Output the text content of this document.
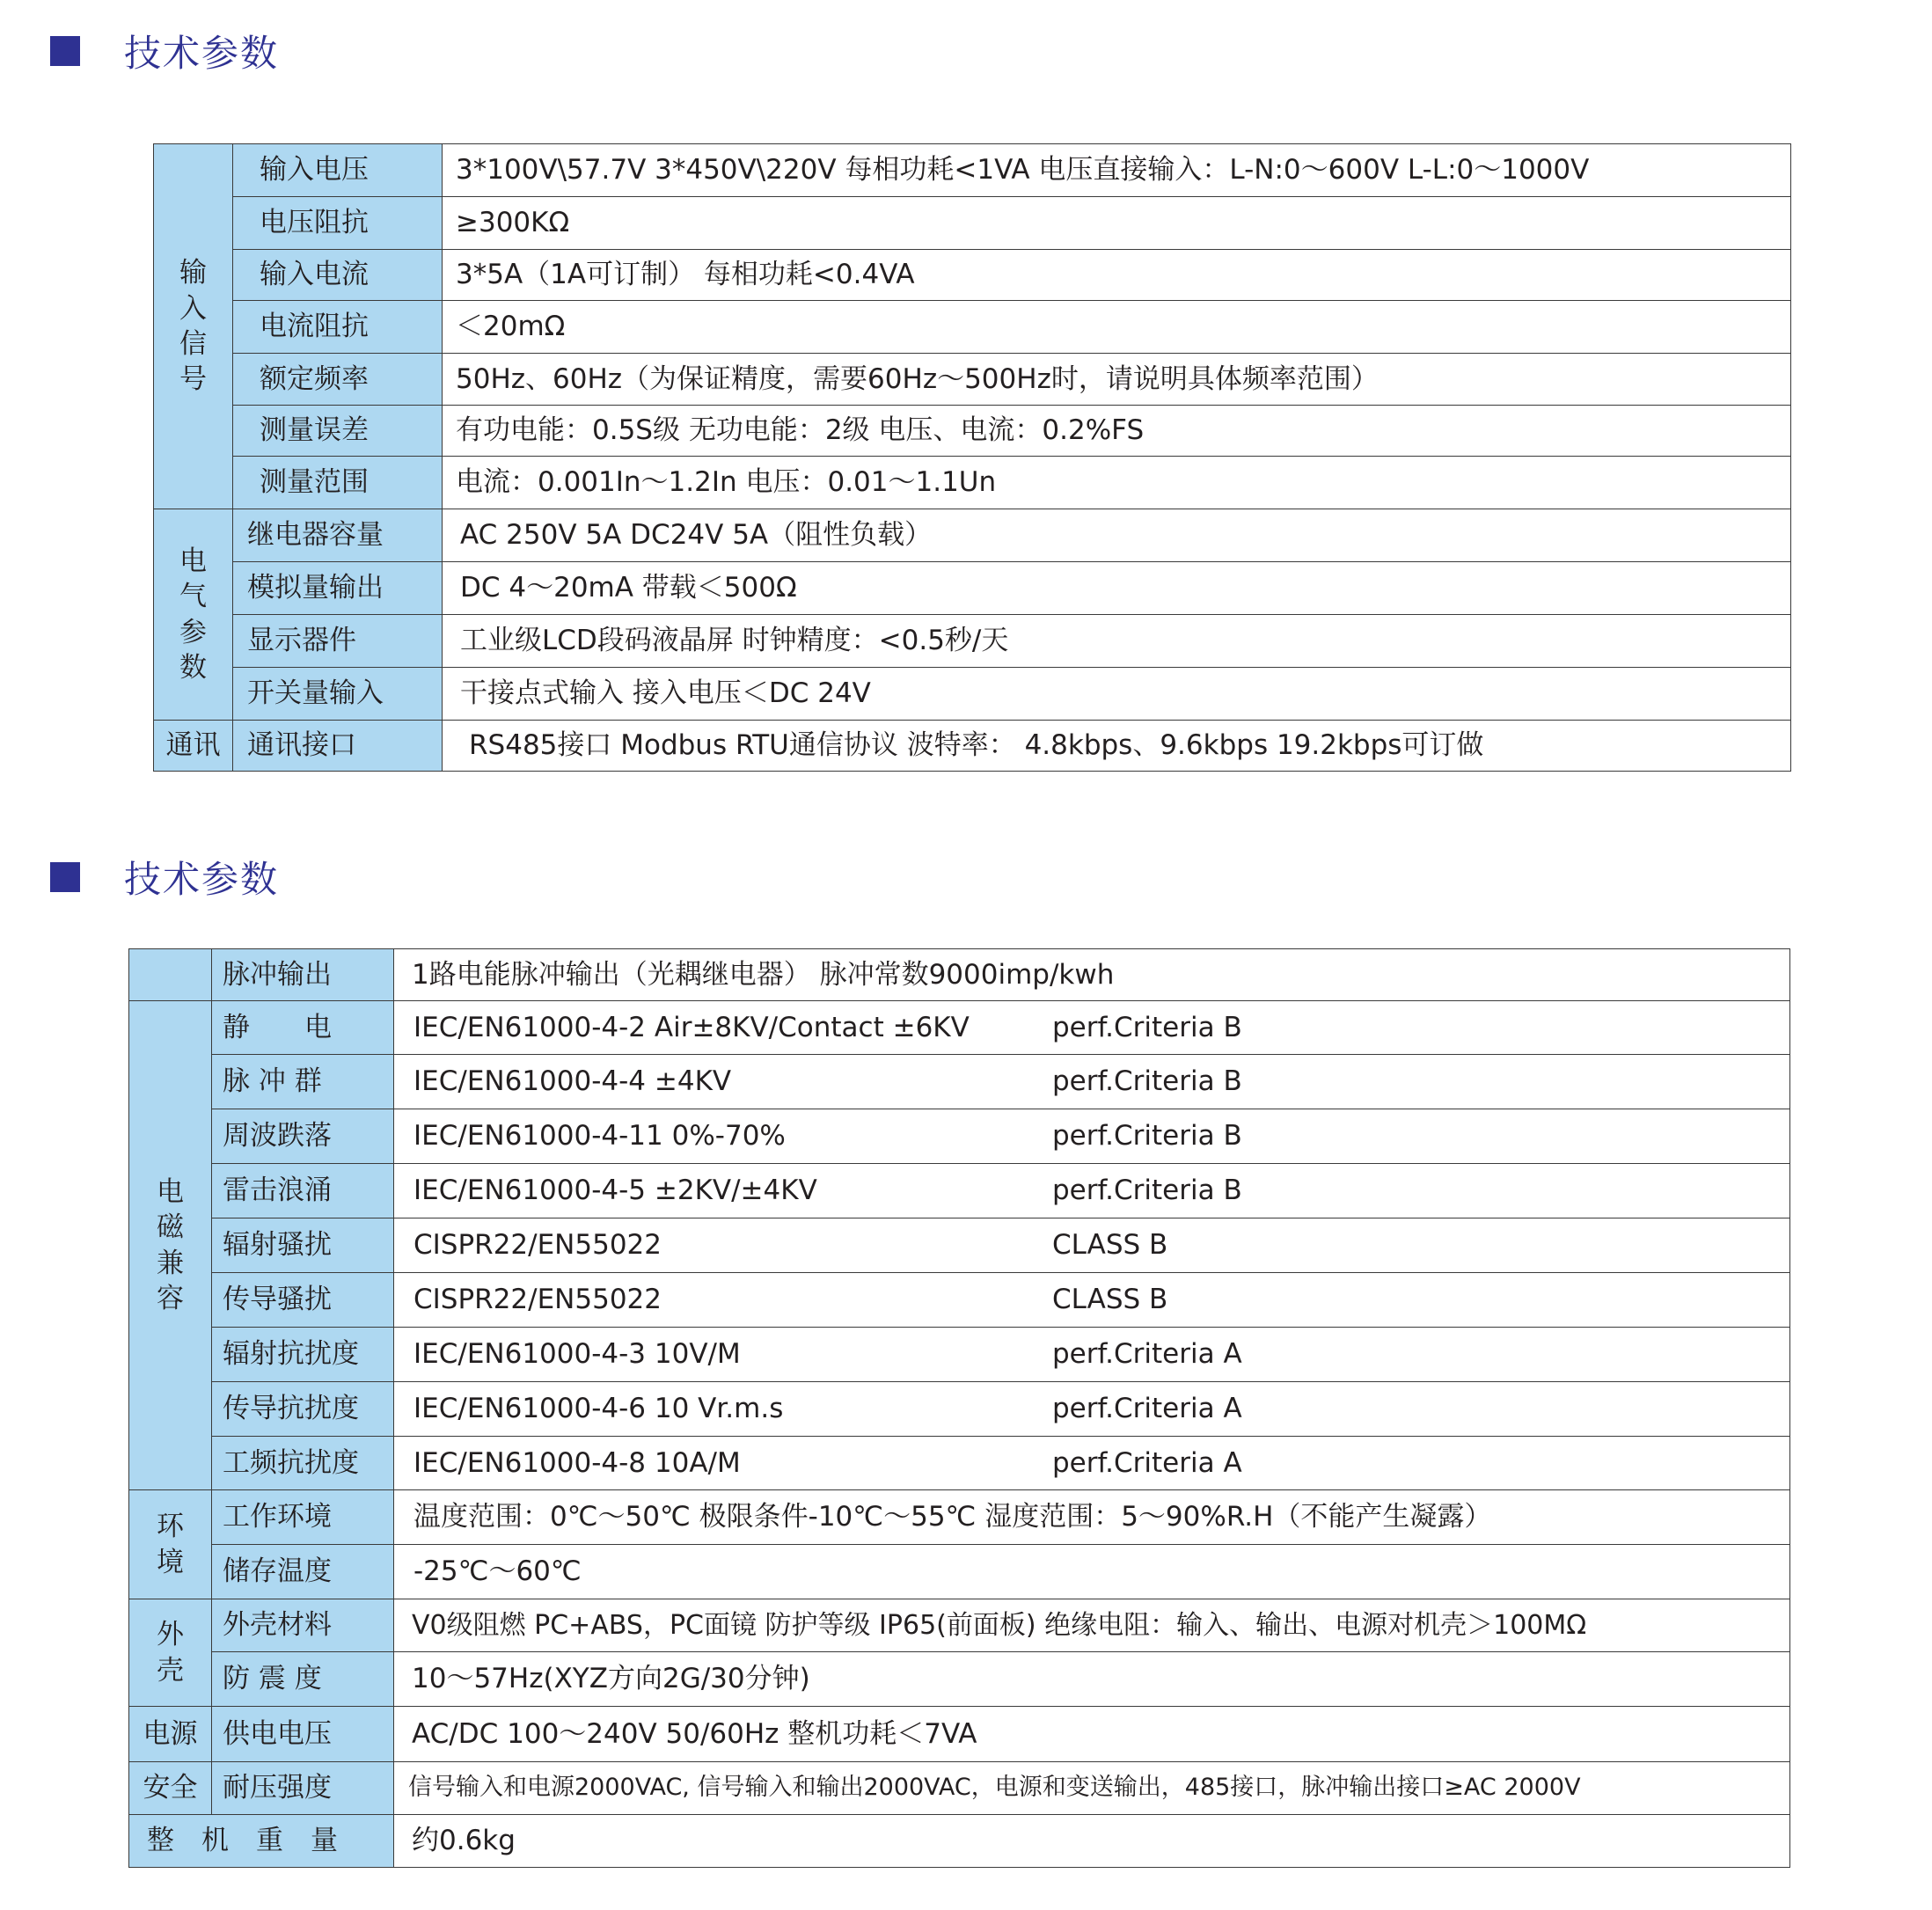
技术参数
输
入
信
号	输入电压	3*100V\57.7V 3*450V\220V 每相功耗<1VA 电压直接输入：L-N:0～600V L-L:0～1000V
	电压阻抗	≥300KΩ
	输入电流	3*5A（1A可订制） 每相功耗<0.4VA
	电流阻抗	＜20mΩ
	额定频率	50Hz、60Hz（为保证精度，需要60Hz～500Hz时，请说明具体频率范围）
	测量误差	有功电能：0.5S级 无功电能：2级 电压、电流：0.2%FS
	测量范围	电流：0.001In～1.2In 电压：0.01～1.1Un

电
气
参
数	继电器容量	AC 250V 5A DC24V 5A（阻性负载）
	模拟量输出	DC 4～20mA 带载＜500Ω
	显示器件	工业级LCD段码液晶屏 时钟精度：<0.5秒/天
	开关量输入	干接点式输入 接入电压＜DC 24V
通讯	通讯接口	RS485接口 Modbus RTU通信协议 波特率： 4.8kbps、9.6kbps 19.2kbps可订做
技术参数
	脉冲输出	1路电能脉冲输出（光耦继电器） 脉冲常数9000imp/kwh

电
磁
兼
容	静　　电	IEC/EN61000-4-2 Air±8KV/Contact ±6KV perf.Criteria B

	脉 冲 群	IEC/EN61000-4-4 ±4KV perf.Criteria B

	周波跌落	IEC/EN61000-4-11 0%-70% perf.Criteria B

	雷击浪涌	IEC/EN61000-4-5 ±2KV/±4KV perf.Criteria B

	辐射骚扰	CISPR22/EN55022 CLASS B

	传导骚扰	CISPR22/EN55022 CLASS B

	辐射抗扰度	IEC/EN61000-4-3 10V/M perf.Criteria A

	传导抗扰度	IEC/EN61000-4-6 10 Vr.m.s perf.Criteria A

	工频抗扰度	IEC/EN61000-4-8 10A/M perf.Criteria A

环
境	工作环境	温度范围：0℃～50℃ 极限条件-10℃～55℃ 湿度范围：5～90%R.H（不能产生凝露）
	储存温度	-25℃～60℃

外
壳	外壳材料	V0级阻燃 PC+ABS，PC面镜 防护等级 IP65(前面板) 绝缘电阻：输入、输出、电源对机壳＞100MΩ
	防 震 度	10～57Hz(XYZ方向2G/30分钟)
电源	供电电压	AC/DC 100～240V 50/60Hz 整机功耗＜7VA
安全	耐压强度	信号输入和电源2000VAC, 信号输入和输出2000VAC，电源和变送输出，485接口，脉冲输出接口≥AC 2000V
整　机　重　量		约0.6kg
